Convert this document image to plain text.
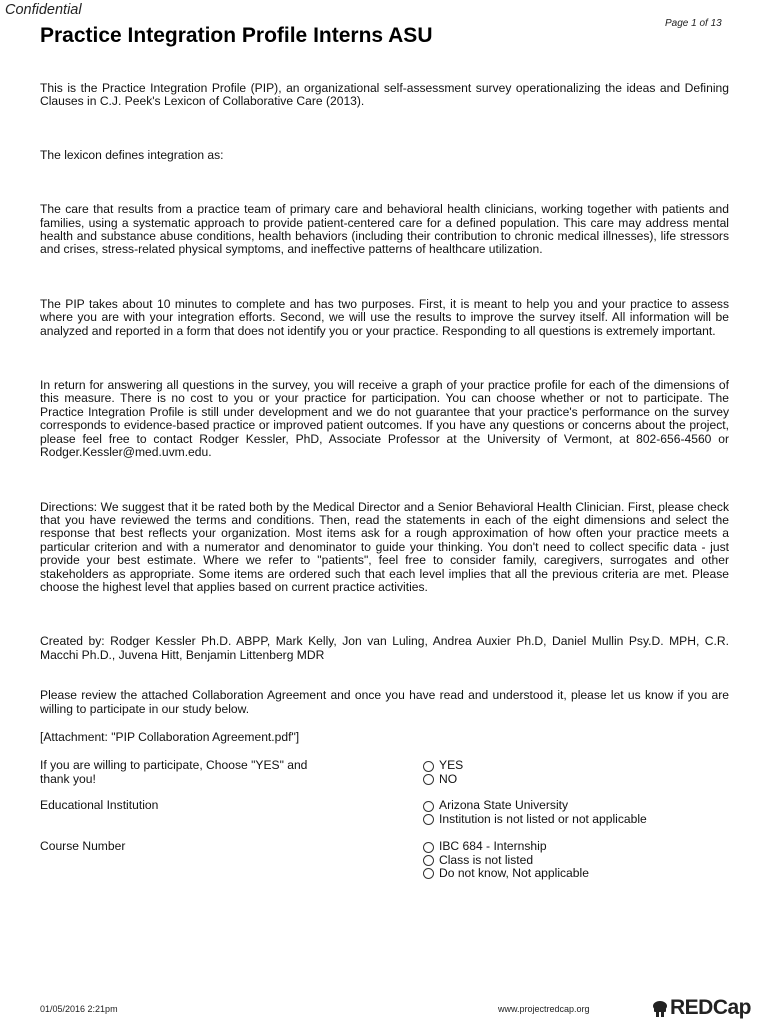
Confidential
Page 1 of 13
Practice Integration Profile Interns ASU

This is the Practice Integration Profile (PIP), an organizational self-assessment survey operationalizing the ideas and Defining Clauses in C.J. Peek's Lexicon of Collaborative Care (2013).

The lexicon defines integration as:

The care that results from a practice team of primary care and behavioral health clinicians, working together with patients and families, using a systematic approach to provide patient-centered care for a defined population. This care may address mental health and substance abuse conditions, health behaviors (including their contribution to chronic medical illnesses), life stressors and crises, stress-related physical symptoms, and ineffective patterns of healthcare utilization.

The PIP takes about 10 minutes to complete and has two purposes. First, it is meant to help you and your practice to assess where you are with your integration efforts. Second, we will use the results to improve the survey itself. All information will be analyzed and reported in a form that does not identify you or your practice. Responding to all questions is extremely important.

In return for answering all questions in the survey, you will receive a graph of your practice profile for each of the dimensions of this measure. There is no cost to you or your practice for participation. You can choose whether or not to participate. The Practice Integration Profile is still under development and we do not guarantee that your practice's performance on the survey corresponds to evidence-based practice or improved patient outcomes. If you have any questions or concerns about the project, please feel free to contact Rodger Kessler, PhD, Associate Professor at the University of Vermont, at 802-656-4560 or Rodger.Kessler@med.uvm.edu.

Directions: We suggest that it be rated both by the Medical Director and a Senior Behavioral Health Clinician. First, please check that you have reviewed the terms and conditions. Then, read the statements in each of the eight dimensions and select the response that best reflects your organization. Most items ask for a rough approximation of how often your practice meets a particular criterion and with a numerator and denominator to guide your thinking. You don't need to collect specific data - just provide your best estimate. Where we refer to "patients", feel free to consider family, caregivers, surrogates and other stakeholders as appropriate. Some items are ordered such that each level implies that all the previous criteria are met. Please choose the highest level that applies based on current practice activities.

Created by: Rodger Kessler Ph.D. ABPP, Mark Kelly, Jon van Luling, Andrea Auxier Ph.D, Daniel Mullin Psy.D. MPH, C.R. Macchi Ph.D., Juvena Hitt, Benjamin Littenberg MDR

Please review the attached Collaboration Agreement and once you have read and understood it, please let us know if you are willing to participate in our study below.

[Attachment: "PIP Collaboration Agreement.pdf"]

If you are willing to participate, Choose "YES" and thank you!
YES
NO
Educational Institution	Arizona State University
Institution is not listed or not applicable
Course Number	IBC 684 - Internship
Class is not listed
Do not know, Not applicable
01/05/2016 2:21pm	www.projectredcap.org	REDCap
